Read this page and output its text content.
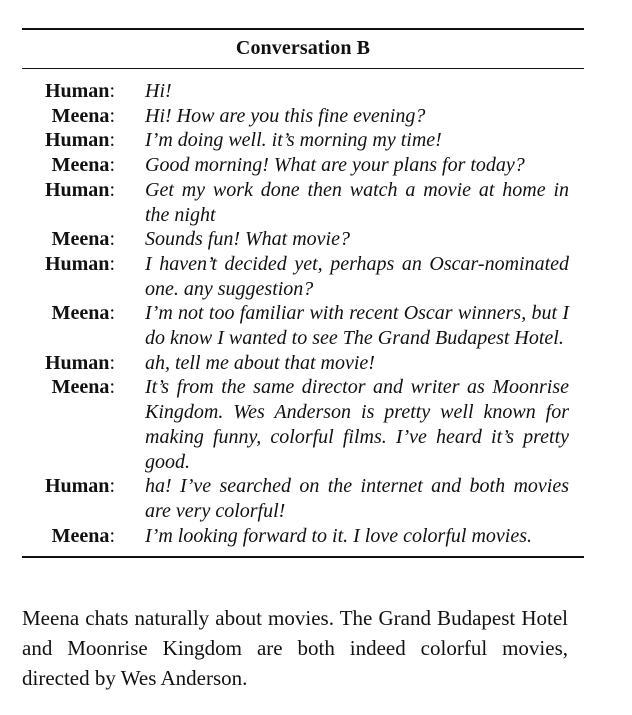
Conversation B
Human: Hi!
Meena: Hi! How are you this fine evening?
Human: I’m doing well. it’s morning my time!
Meena: Good morning! What are your plans for today?
Human: Get my work done then watch a movie at home in the night
Meena: Sounds fun! What movie?
Human: I haven’t decided yet, perhaps an Oscar-nominated one. any suggestion?
Meena: I’m not too familiar with recent Oscar winners, but I do know I wanted to see The Grand Budapest Hotel.
Human: ah, tell me about that movie!
Meena: It’s from the same director and writer as Moonrise Kingdom. Wes Anderson is pretty well known for making funny, colorful films. I’ve heard it’s pretty good.
Human: ha! I’ve searched on the internet and both movies are very colorful!
Meena: I’m looking forward to it. I love colorful movies.
Meena chats naturally about movies. The Grand Budapest Hotel and Moonrise Kingdom are both indeed colorful movies, directed by Wes Anderson.
